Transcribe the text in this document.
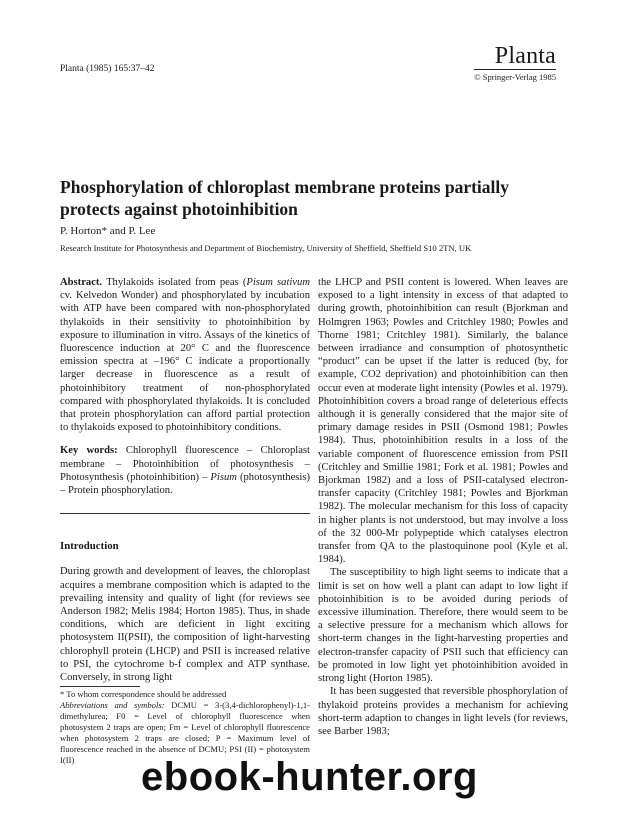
Planta (1985) 165:37–42	Planta
© Springer-Verlag 1985
Phosphorylation of chloroplast membrane proteins partially protects against photoinhibition
P. Horton* and P. Lee
Research Institute for Photosynthesis and Department of Biochemistry, University of Sheffield, Sheffield S10 2TN, UK

Abstract. Thylakoids isolated from peas (Pisum sativum cv. Kelvedon Wonder) and phosphorylated by incubation with ATP have been compared with non-phosphorylated thylakoids in their sensitivity to photoinhibition by exposure to illumination in vitro. Assays of the kinetics of fluorescence induction at 20° C and the fluorescence emission spectra at –196° C indicate a proportionally larger decrease in fluorescence as a result of photoinhibitory treatment of non-phosphorylated compared with phosphorylated thylakoids. It is concluded that protein phosphorylation can afford partial protection to thylakoids exposed to photoinhibitory conditions.

Key words: Chlorophyll fluorescence – Chloroplast membrane – Photoinhibition of photosynthesis – Photosynthesis (photoinhibition) – Pisum (photosynthesis) – Protein phosphorylation.

Introduction

During growth and development of leaves, the chloroplast acquires a membrane composition which is adapted to the prevailing intensity and quality of light (for reviews see Anderson 1982; Melis 1984; Horton 1985). Thus, in shade conditions, which are deficient in light exciting photosystem II(PSII), the composition of light-harvesting chlorophyll protein (LHCP) and PSII is increased relative to PSI, the cytochrome b-f complex and ATP synthase. Conversely, in strong light

* To whom correspondence should be addressed

Abbreviations and symbols: DCMU = 3-(3,4-dichlorophenyl)-1,1-dimethylurea; F0 = Level of chlorophyll fluorescence when photosystem 2 traps are open; Fm = Level of chlorophyll fluorescence when photosystem 2 traps are closed; P = Maximum level of fluorescence reached in the absence of DCMU; PSI (II) = photosystem I(II)

the LHCP and PSII content is lowered. When leaves are exposed to a light intensity in excess of that adapted to during growth, photoinhibition can result (Bjorkman and Holmgren 1963; Powles and Critchley 1980; Powles and Thorne 1981; Critchley 1981). Similarly, the balance between irradiance and consumption of photosynthetic “product” can be upset if the latter is reduced (by, for example, CO2 deprivation) and photoinhibition can then occur even at moderate light intensity (Powles et al. 1979). Photoinhibition covers a broad range of deleterious effects although it is generally considered that the major site of primary damage resides in PSII (Osmond 1981; Powles 1984). Thus, photoinhibition results in a loss of the variable component of fluorescence emission from PSII (Critchley and Smillie 1981; Fork et al. 1981; Powles and Bjorkman 1982) and a loss of PSII-catalysed electron-transfer capacity (Critchley 1981; Powles and Bjorkman 1982). The molecular mechanism for this loss of capacity in higher plants is not understood, but may involve a loss of the 32 000-Mr polypeptide which catalyses electron transfer from QA to the plastoquinone pool (Kyle et al. 1984).

The susceptibility to high light seems to indicate that a limit is set on how well a plant can adapt to low light if photoinhibition is to be avoided during periods of excessive illumination. Therefore, there would seem to be a selective pressure for a mechanism which allows for short-term changes in the light-harvesting properties and electron-transfer capacity of PSII such that efficiency can be promoted in low light yet photoinhibition avoided in strong light (Horton 1985).

It has been suggested that reversible phosphorylation of thylakoid proteins provides a mechanism for achieving short-term adaption to changes in light levels (for reviews, see Barber 1983;

ebook-hunter.org
